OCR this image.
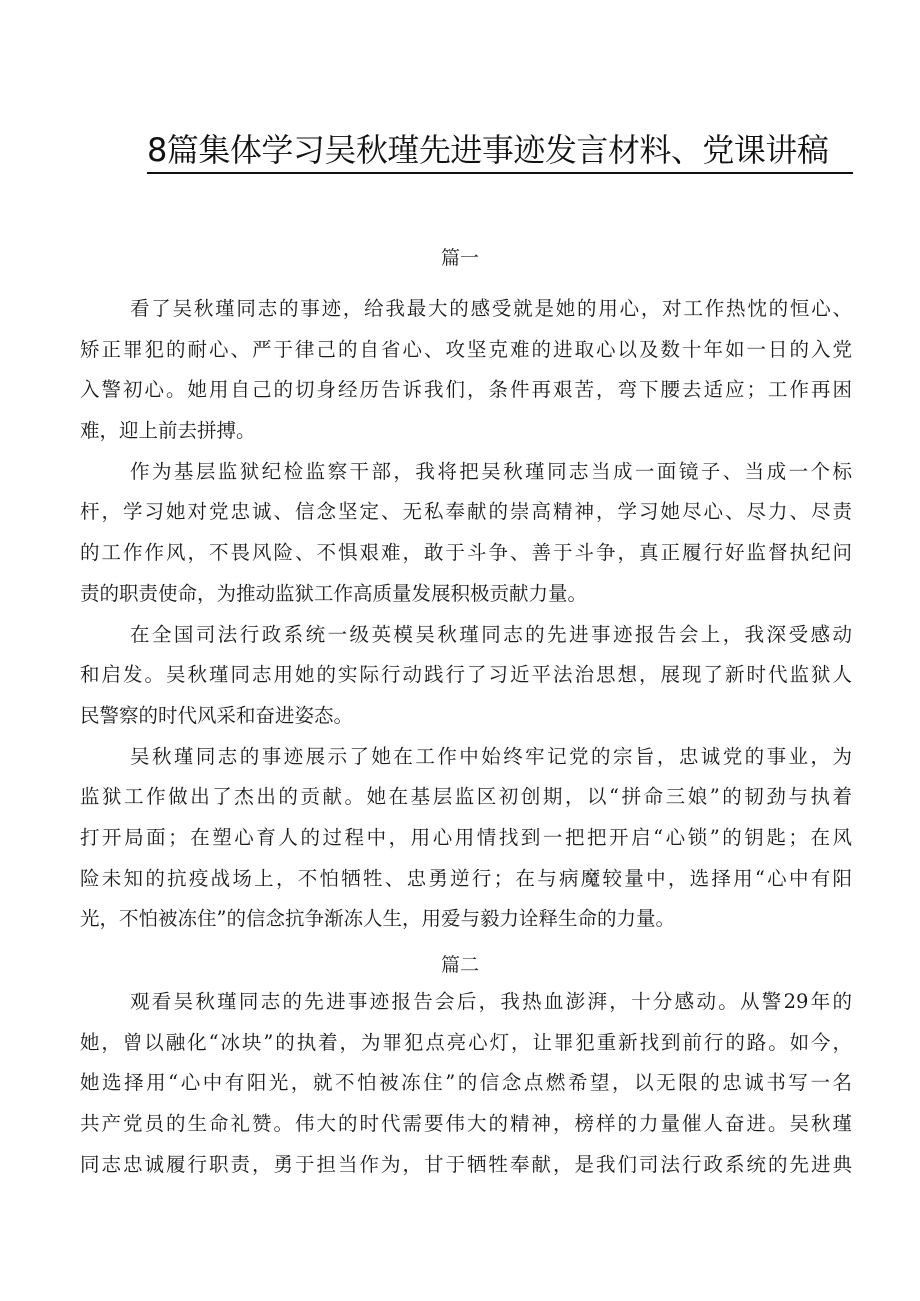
8篇集体学习吴秋瑾先进事迹发言材料、党课讲稿
篇一
看了吴秋瑾同志的事迹，给我最大的感受就是她的用心，对工作热忱的恒心、
矫正罪犯的耐心、严于律己的自省心、攻坚克难的进取心以及数十年如一日的入党
入警初心。她用自己的切身经历告诉我们，条件再艰苦，弯下腰去适应；工作再困
难，迎上前去拼搏。
作为基层监狱纪检监察干部，我将把吴秋瑾同志当成一面镜子、当成一个标
杆，学习她对党忠诚、信念坚定、无私奉献的崇高精神，学习她尽心、尽力、尽责
的工作作风，不畏风险、不惧艰难，敢于斗争、善于斗争，真正履行好监督执纪问
责的职责使命，为推动监狱工作高质量发展积极贡献力量。
在全国司法行政系统一级英模吴秋瑾同志的先进事迹报告会上，我深受感动
和启发。吴秋瑾同志用她的实际行动践行了习近平法治思想，展现了新时代监狱人
民警察的时代风采和奋进姿态。
吴秋瑾同志的事迹展示了她在工作中始终牢记党的宗旨，忠诚党的事业，为
监狱工作做出了杰出的贡献。她在基层监区初创期，以“拼命三娘”的韧劲与执着
打开局面；在塑心育人的过程中，用心用情找到一把把开启“心锁”的钥匙；在风
险未知的抗疫战场上，不怕牺牲、忠勇逆行；在与病魔较量中，选择用“心中有阳
光，不怕被冻住”的信念抗争渐冻人生，用爱与毅力诠释生命的力量。
篇二
观看吴秋瑾同志的先进事迹报告会后，我热血澎湃，十分感动。从警29年的
她，曾以融化“冰块”的执着，为罪犯点亮心灯，让罪犯重新找到前行的路。如今，
她选择用“心中有阳光，就不怕被冻住”的信念点燃希望，以无限的忠诚书写一名
共产党员的生命礼赞。伟大的时代需要伟大的精神，榜样的力量催人奋进。吴秋瑾
同志忠诚履行职责，勇于担当作为，甘于牺牲奉献，是我们司法行政系统的先进典
